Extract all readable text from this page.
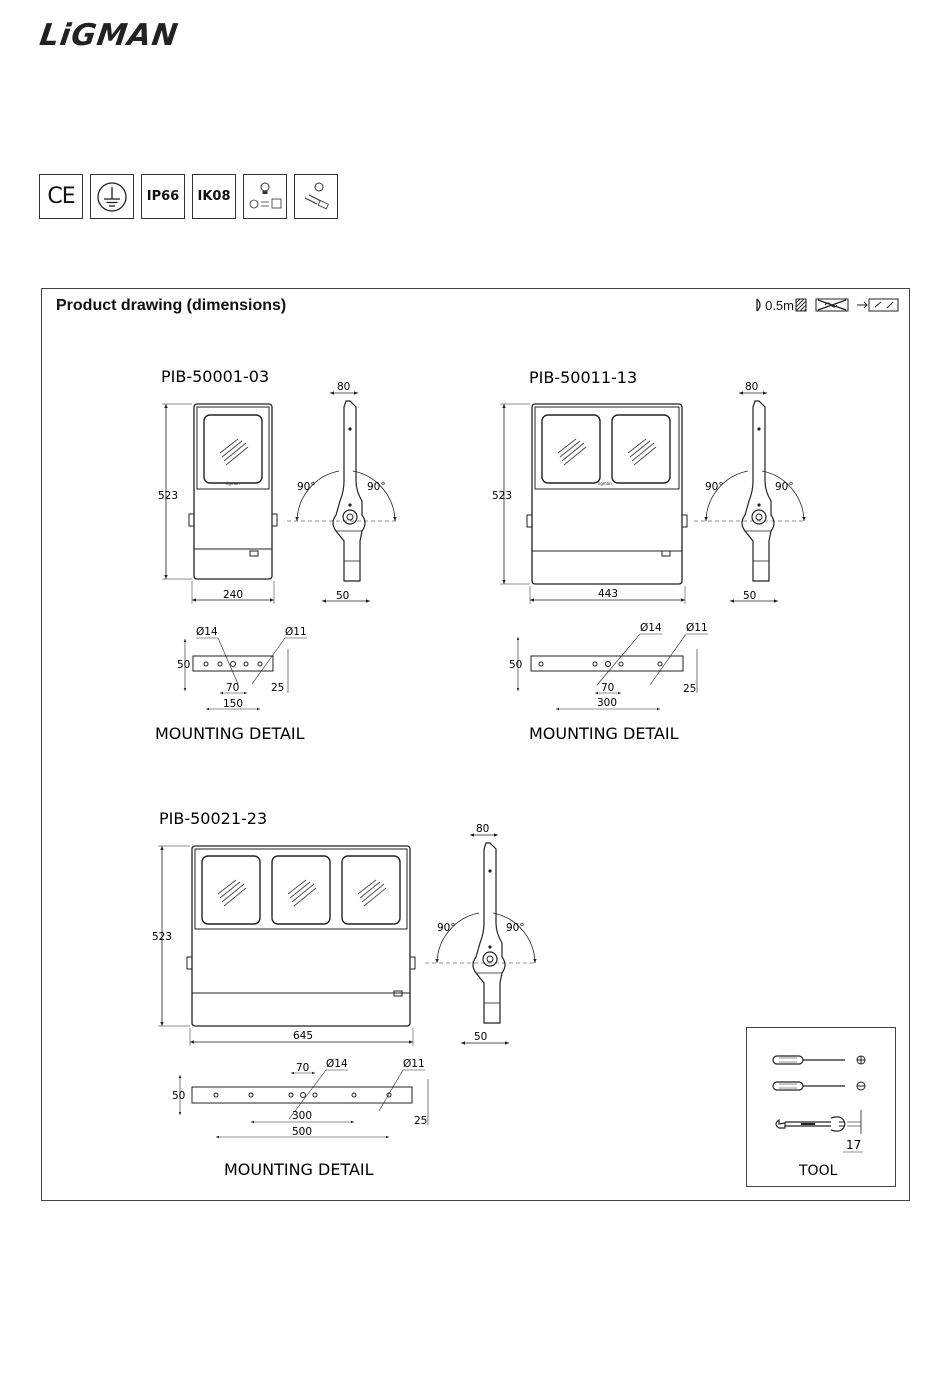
LiGMAN
CE	IP66 IK08
Product drawing (dimensions)	0.5m
PIB-50001-03
ligman
523
240
80
50
90°	90°
Ø14	Ø11
50
25
70
150
MOUNTING DETAIL
PIB-50011-13
ligman
523
443
80
50
90°	90°
Ø14 Ø11
50
25
70
300
MOUNTING DETAIL
PIB-50021-23
523
645
80
50
90°	90°
Ø14	Ø11
50
25
70
300
500
MOUNTING DETAIL
17
TOOL
